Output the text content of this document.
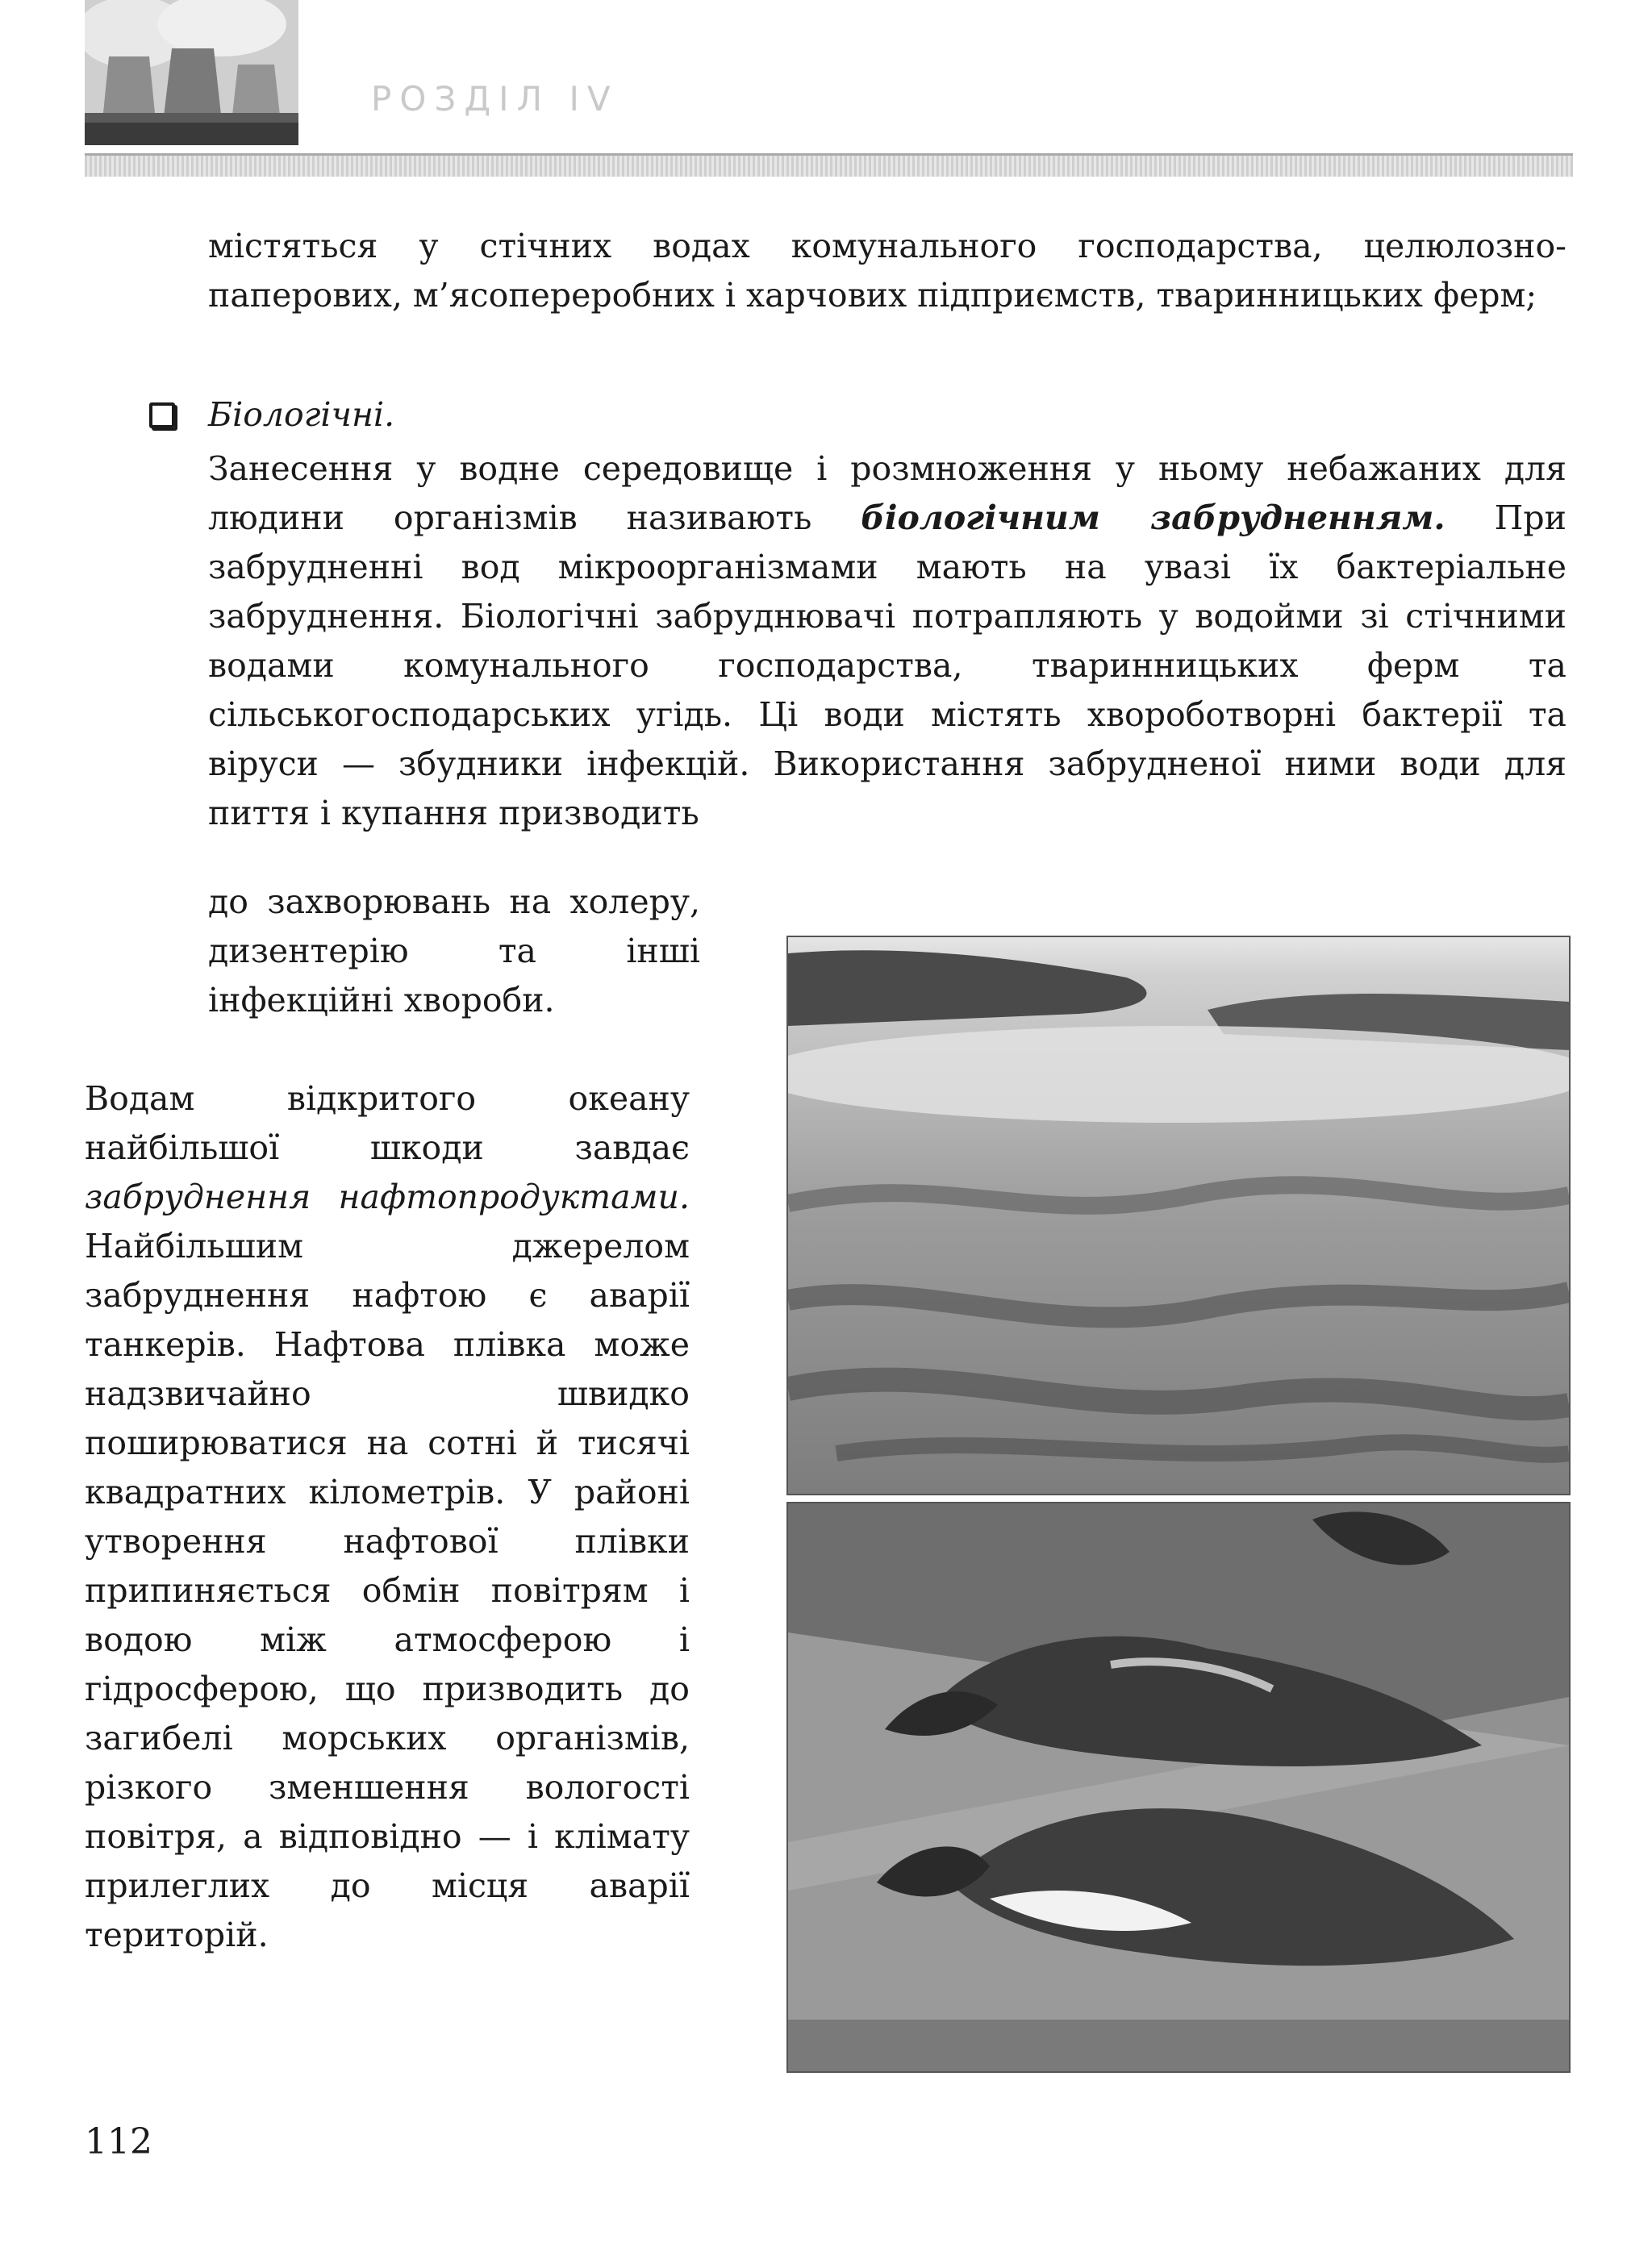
РОЗДІЛ IV

містяться у стічних водах комунального господарства, целюлозно-паперових, м’ясопереробних і харчових підприємств, тваринницьких ферм;

Біологічні.

Занесення у водне середовище і розмноження у ньому небажаних для людини організмів називають біологічним забрудненням. При забрудненні вод мікроорганізмами мають на увазі їх бактеріальне забруднення. Біологічні забруднювачі потрапляють у водойми зі стічними водами комунального господарства, тваринницьких ферм та сільськогосподарських угідь. Ці води містять хвороботворні бактерії та віруси — збудники інфекцій. Використання забрудненої ними води для пиття і купання призводить

до захворювань на холеру, дизентерію та інші інфекційні хвороби.

Водам відкритого океану найбільшої шкоди завдає забруднення нафтопродуктами. Найбільшим джерелом забруднення нафтою є аварії танкерів. Нафтова плівка може надзвичайно швидко поширюватися на сотні й тисячі квадратних кілометрів. У районі утворення нафтової плівки припиняється обмін повітрям і водою між атмосферою і гідросферою, що призводить до загибелі морських організмів, різкого зменшення вологості повітря, а відповідно — і клімату прилеглих до місця аварії територій.

112
